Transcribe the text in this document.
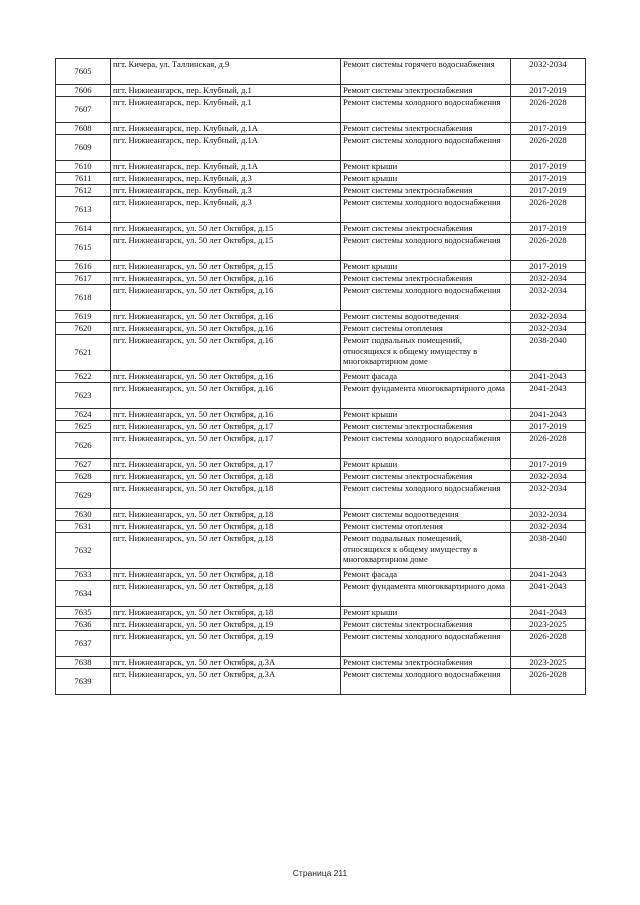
7605	пгт. Кичера, ул. Таллинская, д.9	Ремонт системы горячего водоснабжения	2032-2034
7606	пгт. Нижнеангарск, пер. Клубный, д.1	Ремонт системы электроснабжения	2017-2019
7607	пгт. Нижнеангарск, пер. Клубный, д.1	Ремонт системы холодного водоснабжения	2026-2028
7608	пгт. Нижнеангарск, пер. Клубный, д.1А	Ремонт системы электроснабжения	2017-2019
7609	пгт. Нижнеангарск, пер. Клубный, д.1А	Ремонт системы холодного водоснабжения	2026-2028
7610	пгт. Нижнеангарск, пер. Клубный, д.1А	Ремонт крыши	2017-2019
7611	пгт. Нижнеангарск, пер. Клубный, д.3	Ремонт крыши	2017-2019
7612	пгт. Нижнеангарск, пер. Клубный, д.3	Ремонт системы электроснабжения	2017-2019
7613	пгт. Нижнеангарск, пер. Клубный, д.3	Ремонт системы холодного водоснабжения	2026-2028
7614	пгт. Нижнеангарск, ул. 50 лет Октября, д.15	Ремонт системы электроснабжения	2017-2019
7615	пгт. Нижнеангарск, ул. 50 лет Октября, д.15	Ремонт системы холодного водоснабжения	2026-2028
7616	пгт. Нижнеангарск, ул. 50 лет Октября, д.15	Ремонт крыши	2017-2019
7617	пгт. Нижнеангарск, ул. 50 лет Октября, д.16	Ремонт системы электроснабжения	2032-2034
7618	пгт. Нижнеангарск, ул. 50 лет Октября, д.16	Ремонт системы холодного водоснабжения	2032-2034
7619	пгт. Нижнеангарск, ул. 50 лет Октября, д.16	Ремонт системы водоотведения	2032-2034
7620	пгт. Нижнеангарск, ул. 50 лет Октября, д.16	Ремонт системы отопления	2032-2034
7621	пгт. Нижнеангарск, ул. 50 лет Октября, д.16	Ремонт подвальных помещений, относящихся к общему имуществу в многоквартирном доме	2038-2040
7622	пгт. Нижнеангарск, ул. 50 лет Октября, д.16	Ремонт фасада	2041-2043
7623	пгт. Нижнеангарск, ул. 50 лет Октября, д.16	Ремонт фундамента многоквартирного дома	2041-2043
7624	пгт. Нижнеангарск, ул. 50 лет Октября, д.16	Ремонт крыши	2041-2043
7625	пгт. Нижнеангарск, ул. 50 лет Октября, д.17	Ремонт системы электроснабжения	2017-2019
7626	пгт. Нижнеангарск, ул. 50 лет Октября, д.17	Ремонт системы холодного водоснабжения	2026-2028
7627	пгт. Нижнеангарск, ул. 50 лет Октября, д.17	Ремонт крыши	2017-2019
7628	пгт. Нижнеангарск, ул. 50 лет Октября, д.18	Ремонт системы электроснабжения	2032-2034
7629	пгт. Нижнеангарск, ул. 50 лет Октября, д.18	Ремонт системы холодного водоснабжения	2032-2034
7630	пгт. Нижнеангарск, ул. 50 лет Октября, д.18	Ремонт системы водоотведения	2032-2034
7631	пгт. Нижнеангарск, ул. 50 лет Октября, д.18	Ремонт системы отопления	2032-2034
7632	пгт. Нижнеангарск, ул. 50 лет Октября, д.18	Ремонт подвальных помещений, относящихся к общему имуществу в многоквартирном доме	2038-2040
7633	пгт. Нижнеангарск, ул. 50 лет Октября, д.18	Ремонт фасада	2041-2043
7634	пгт. Нижнеангарск, ул. 50 лет Октября, д.18	Ремонт фундамента многоквартирного дома	2041-2043
7635	пгт. Нижнеангарск, ул. 50 лет Октября, д.18	Ремонт крыши	2041-2043
7636	пгт. Нижнеангарск, ул. 50 лет Октября, д.19	Ремонт системы электроснабжения	2023-2025
7637	пгт. Нижнеангарск, ул. 50 лет Октября, д.19	Ремонт системы холодного водоснабжения	2026-2028
7638	пгт. Нижнеангарск, ул. 50 лет Октября, д.3А	Ремонт системы электроснабжения	2023-2025
7639	пгт. Нижнеангарск, ул. 50 лет Октября, д.3А	Ремонт системы холодного водоснабжения	2026-2028
Страница 211
